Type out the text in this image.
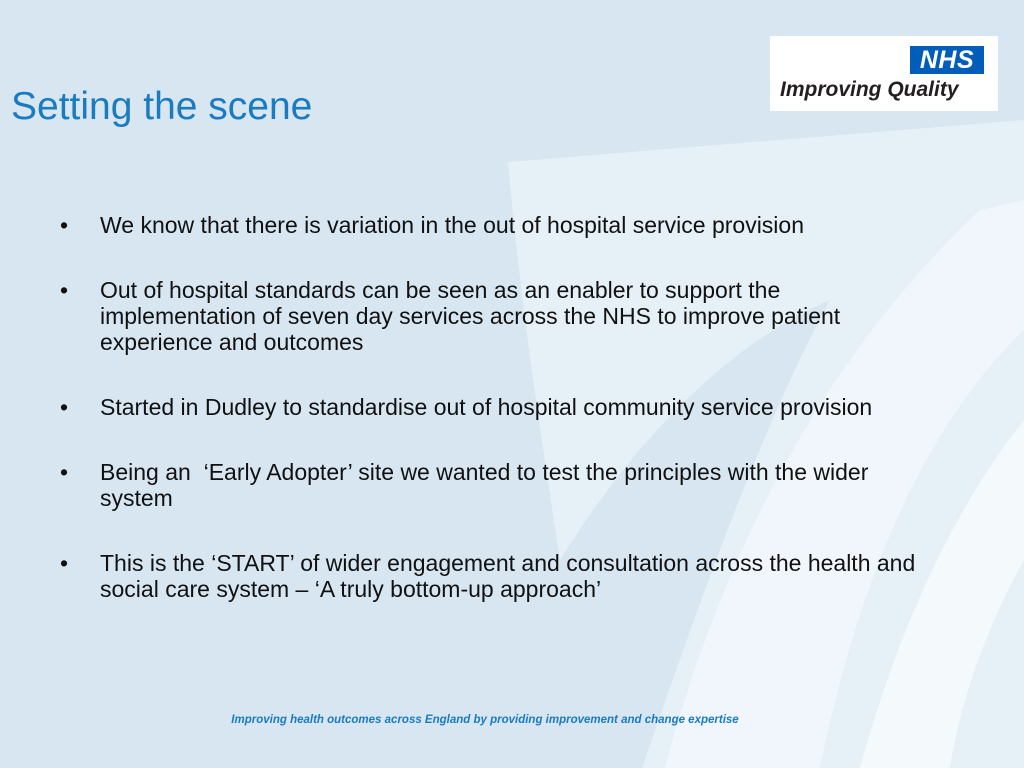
Setting the scene
NHS
Improving Quality
• We know that there is variation in the out of hospital service provision
• Out of hospital standards can be seen as an enabler to support the implementation of seven day services across the NHS to improve patient experience and outcomes
• Started in Dudley to standardise out of hospital community service provision
• Being an  ‘Early Adopter’ site we wanted to test the principles with the wider system
• This is the ‘START’ of wider engagement and consultation across the health and social care system – ‘A truly bottom-up approach’
Improving health outcomes across England by providing improvement and change expertise
